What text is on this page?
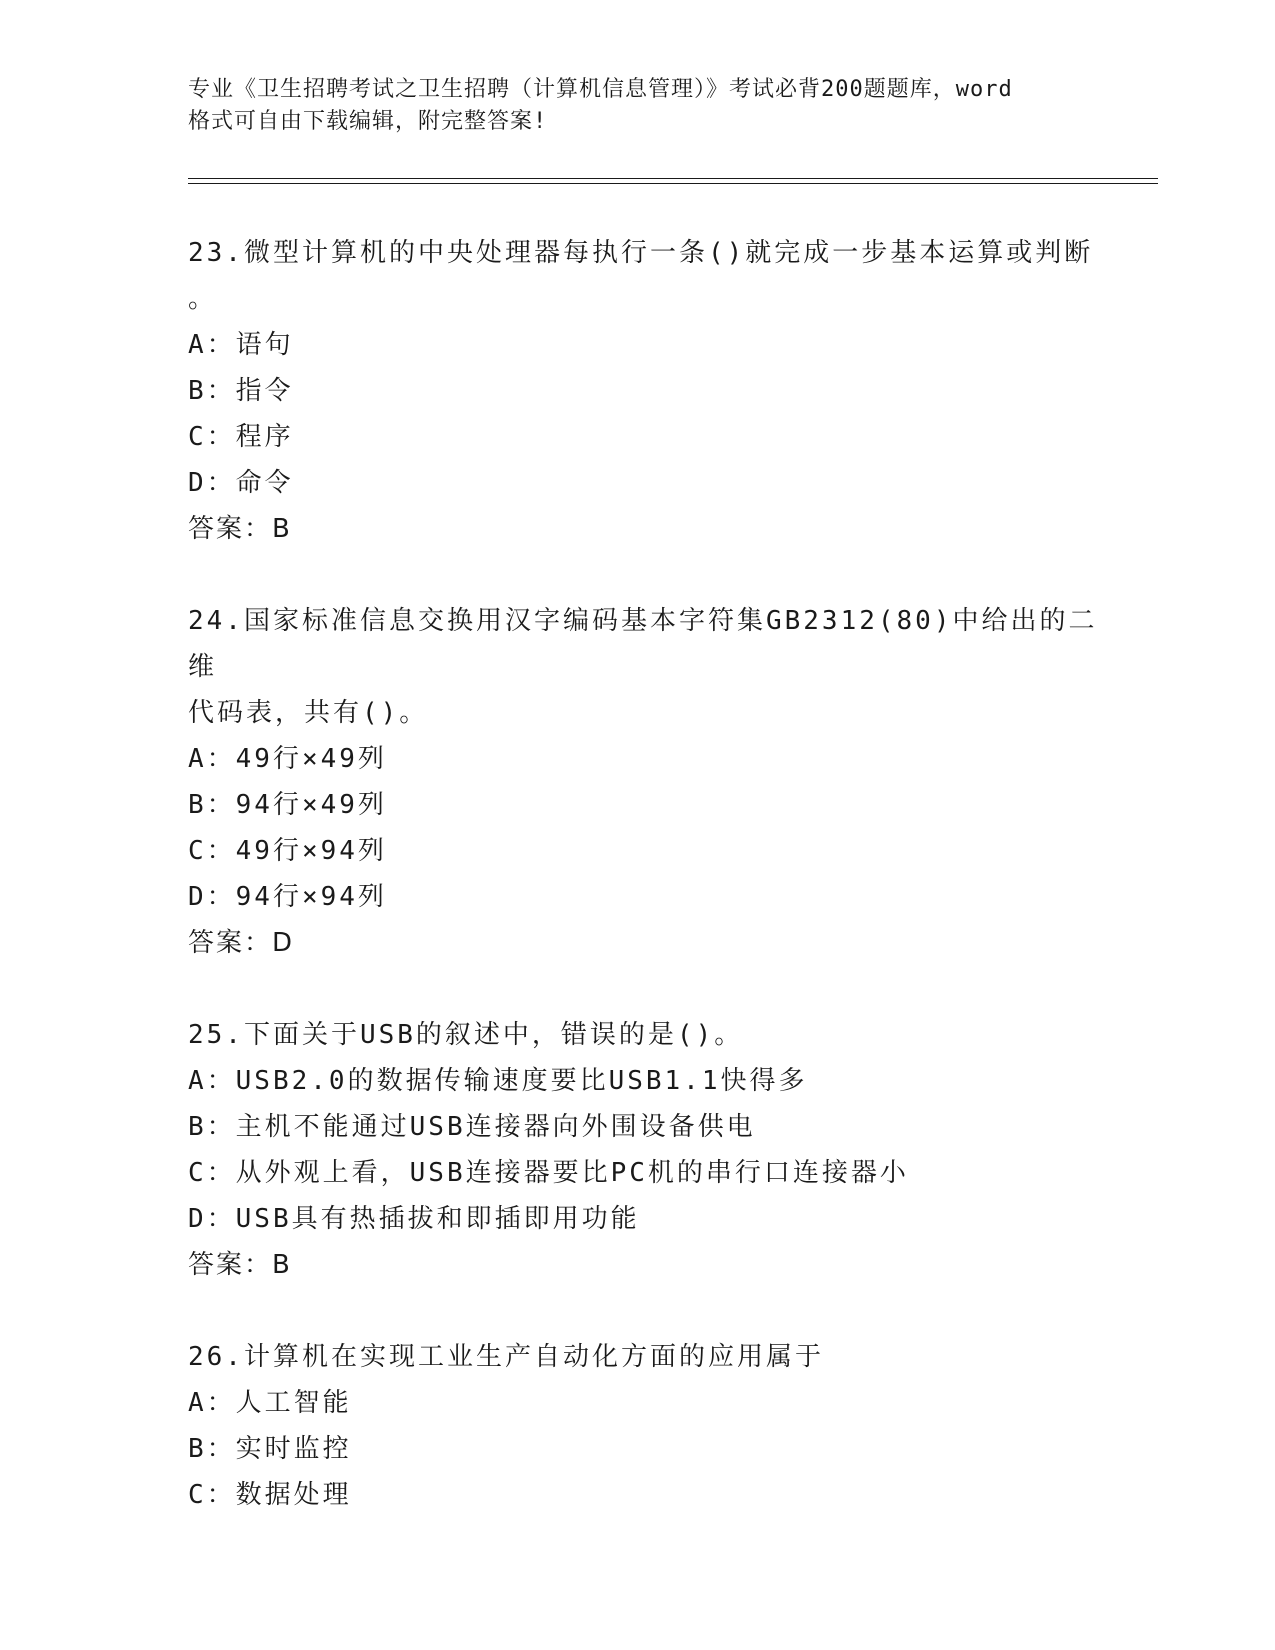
专业《卫生招聘考试之卫生招聘（计算机信息管理）》考试必背200题题库，word
格式可自由下载编辑，附完整答案!
23.微型计算机的中央处理器每执行一条()就完成一步基本运算或判断
。
A：语句
B：指令
C：程序
D：命令
答案：B
24.国家标准信息交换用汉字编码基本字符集GB2312(80)中给出的二维
代码表，共有()。
A：49行×49列
B：94行×49列
C：49行×94列
D：94行×94列
答案：D
25.下面关于USB的叙述中，错误的是()。
A：USB2.0的数据传输速度要比USB1.1快得多
B：主机不能通过USB连接器向外围设备供电
C：从外观上看，USB连接器要比PC机的串行口连接器小
D：USB具有热插拔和即插即用功能
答案：B
26.计算机在实现工业生产自动化方面的应用属于
A：人工智能
B：实时监控
C：数据处理
